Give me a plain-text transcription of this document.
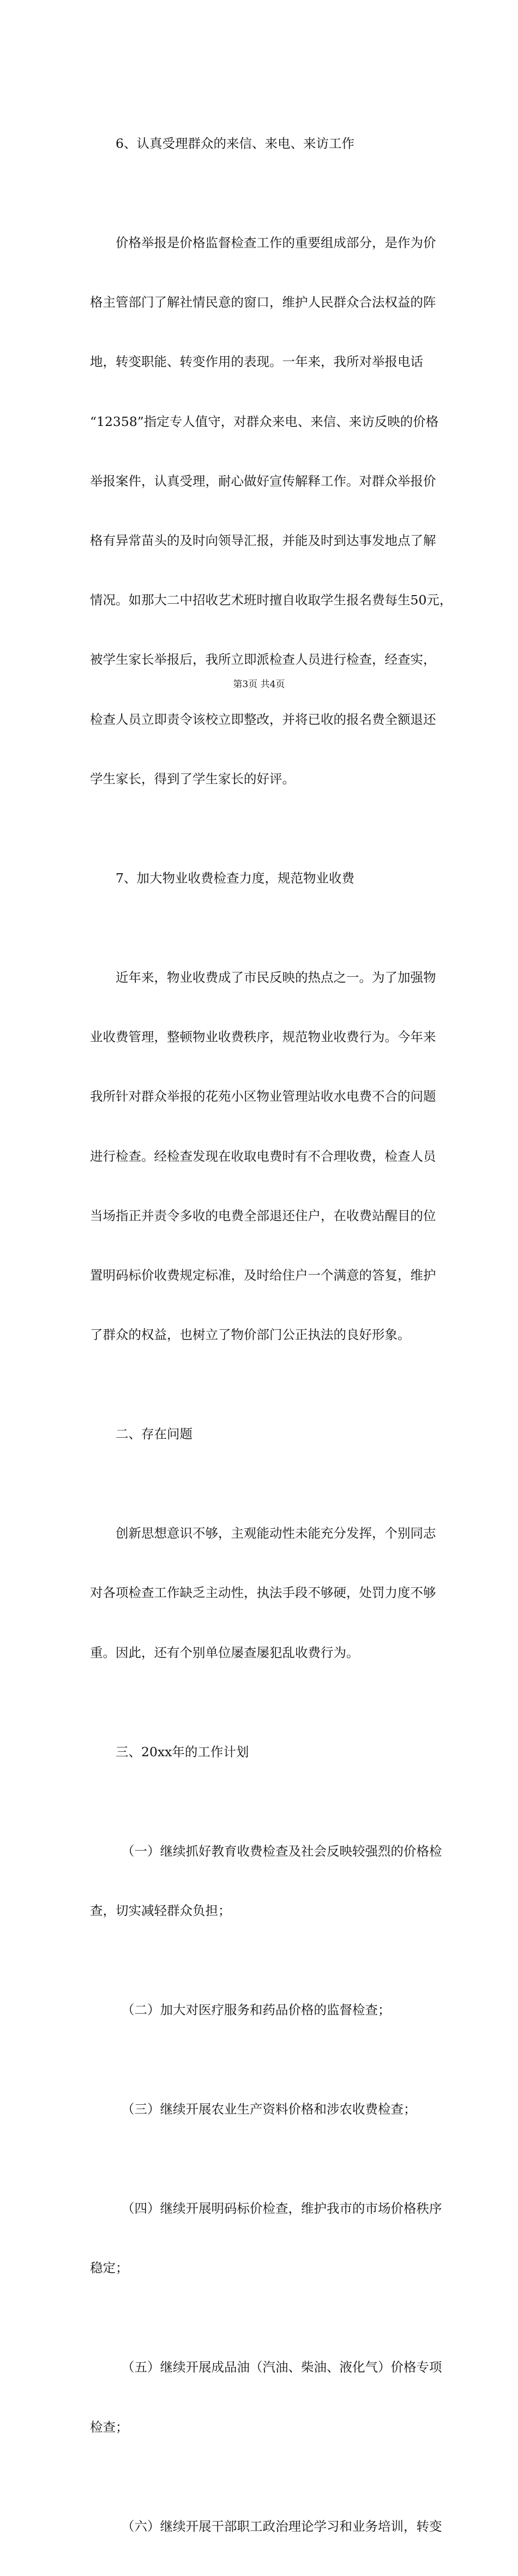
6、认真受理群众的来信、来电、来访工作

价格举报是价格监督检查工作的重要组成部分，是作为价

格主管部门了解社情民意的窗口，维护人民群众合法权益的阵

地，转变职能、转变作用的表现。一年来，我所对举报电话

“12358”指定专人值守，对群众来电、来信、来访反映的价格

举报案件，认真受理，耐心做好宣传解释工作。对群众举报价

格有异常苗头的及时向领导汇报，并能及时到达事发地点了解

情况。如那大二中招收艺术班时擅自收取学生报名费每生50元，

被学生家长举报后，我所立即派检查人员进行检查，经查实，

检查人员立即责令该校立即整改，并将已收的报名费全额退还

学生家长，得到了学生家长的好评。

7、加大物业收费检查力度，规范物业收费

近年来，物业收费成了市民反映的热点之一。为了加强物

业收费管理，整顿物业收费秩序，规范物业收费行为。今年来

我所针对群众举报的花苑小区物业管理站收水电费不合的问题

进行检查。经检查发现在收取电费时有不合理收费，检查人员

当场指正并责令多收的电费全部退还住户，在收费站醒目的位

置明码标价收费规定标准，及时给住户一个满意的答复，维护

了群众的权益，也树立了物价部门公正执法的良好形象。

二、存在问题

创新思想意识不够，主观能动性未能充分发挥，个别同志

对各项检查工作缺乏主动性，执法手段不够硬，处罚力度不够

重。因此，还有个别单位屡查屡犯乱收费行为。

三、20xx年的工作计划

（一）继续抓好教育收费检查及社会反映较强烈的价格检

查，切实减轻群众负担；

（二）加大对医疗服务和药品价格的监督检查；

（三）继续开展农业生产资料价格和涉农收费检查；

（四）继续开展明码标价检查，维护我市的市场价格秩序

稳定；

（五）继续开展成品油（汽油、柴油、液化气）价格专项

检查；

（六）继续开展干部职工政治理论学习和业务培训，转变

第3页 共4页
